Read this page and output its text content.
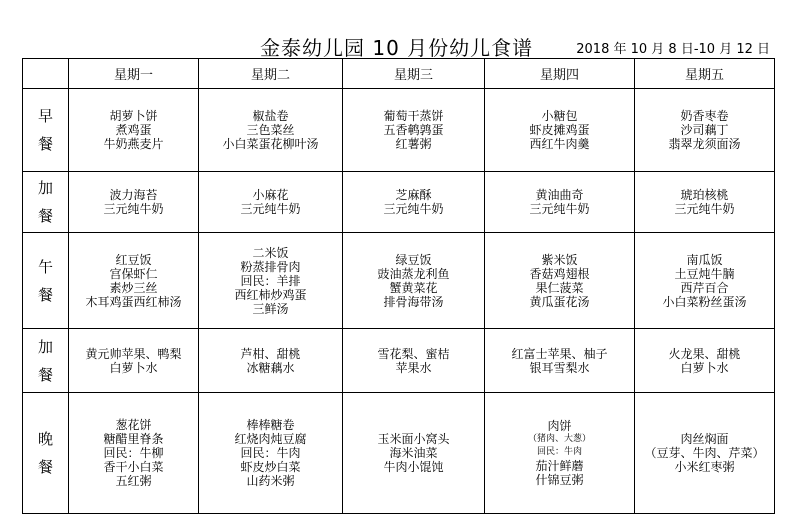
金泰幼儿园 10 月份幼儿食谱	2018 年 10 月 8 日-10 月 12 日
	星期一	星期二	星期三	星期四	星期五

早
餐	胡萝卜饼
煮鸡蛋
牛奶燕麦片	椒盐卷
三色菜丝
小白菜蛋花柳叶汤	葡萄干蒸饼
五香鹌鹑蛋
红薯粥	小糖包
虾皮摊鸡蛋
西红牛肉羹	奶香枣卷
沙司藕丁
翡翠龙须面汤

加
餐	波力海苔
三元纯牛奶	小麻花
三元纯牛奶	芝麻酥
三元纯牛奶	黄油曲奇
三元纯牛奶	琥珀核桃
三元纯牛奶

午
餐	红豆饭
宫保虾仁
素炒三丝
木耳鸡蛋西红柿汤	二米饭
粉蒸排骨肉
回民：羊排
西红柿炒鸡蛋
三鲜汤	绿豆饭
豉油蒸龙利鱼
蟹黄菜花
排骨海带汤	紫米饭
香菇鸡翅根
果仁菠菜
黄瓜蛋花汤	南瓜饭
土豆炖牛腩
西芹百合
小白菜粉丝蛋汤

加
餐	黄元帅苹果、鸭梨
白萝卜水	芦柑、甜桃
冰糖藕水	雪花梨、蜜桔
苹果水	红富士苹果、柚子
银耳雪梨水	火龙果、甜桃
白萝卜水

晚
餐	葱花饼
糖醋里脊条
回民：牛柳
香干小白菜
五红粥	棒棒糖卷
红烧肉炖豆腐
回民：牛肉
虾皮炒白菜
山药米粥	玉米面小窝头
海米油菜
牛肉小馄饨	肉饼
（猪肉、大葱）
回民：牛肉
茄汁鲜蘑
什锦豆粥	肉丝焖面
（豆芽、牛肉、芹菜）
小米红枣粥
